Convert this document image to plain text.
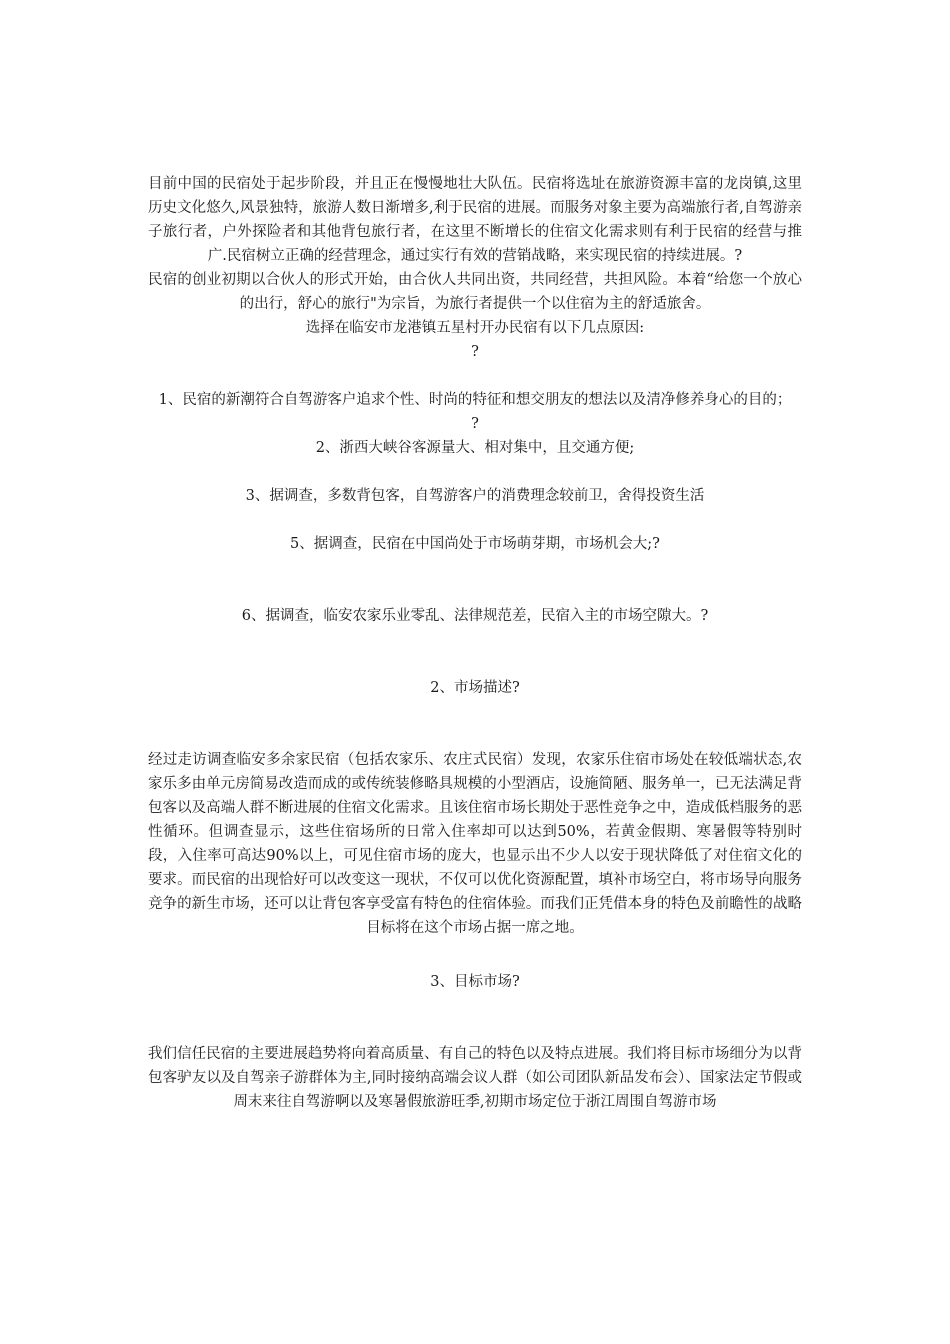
目前中国的民宿处于起步阶段，并且正在慢慢地壮大队伍。民宿将选址在旅游资源丰富的龙岗镇,这里历史文化悠久,风景独特，旅游人数日渐增多,利于民宿的进展。而服务对象主要为高端旅行者,自驾游亲子旅行者，户外探险者和其他背包旅行者，在这里不断增长的住宿文化需求则有利于民宿的经营与推广.民宿树立正确的经营理念，通过实行有效的营销战略，来实现民宿的持续进展。?

民宿的创业初期以合伙人的形式开始，由合伙人共同出资，共同经营，共担风险。本着“给您一个放心的出行，舒心的旅行"为宗旨，为旅行者提供一个以住宿为主的舒适旅舍。

选择在临安市龙港镇五星村开办民宿有以下几点原因:

?

1、民宿的新潮符合自驾游客户追求个性、时尚的特征和想交朋友的想法以及清净修养身心的目的；

?

2、浙西大峡谷客源量大、相对集中，且交通方便;

3、据调查，多数背包客，自驾游客户的消费理念较前卫，舍得投资生活

5、据调查，民宿在中国尚处于市场萌芽期，市场机会大;?

6、据调查，临安农家乐业零乱、法律规范差，民宿入主的市场空隙大。?

2、市场描述?

经过走访调查临安多余家民宿（包括农家乐、农庄式民宿）发现，农家乐住宿市场处在较低端状态,农家乐多由单元房简易改造而成的或传统装修略具规模的小型酒店，设施简陋、服务单一，已无法满足背包客以及高端人群不断进展的住宿文化需求。且该住宿市场长期处于恶性竞争之中，造成低档服务的恶性循环。但调查显示，这些住宿场所的日常入住率却可以达到50%，若黄金假期、寒暑假等特别时段，入住率可高达90%以上，可见住宿市场的庞大，也显示出不少人以安于现状降低了对住宿文化的要求。而民宿的出现恰好可以改变这一现状，不仅可以优化资源配置，填补市场空白，将市场导向服务竞争的新生市场，还可以让背包客享受富有特色的住宿体验。而我们正凭借本身的特色及前瞻性的战略目标将在这个市场占据一席之地。

3、目标市场?

我们信任民宿的主要进展趋势将向着高质量、有自己的特色以及特点进展。我们将目标市场细分为以背包客驴友以及自驾亲子游群体为主,同时接纳高端会议人群（如公司团队新品发布会）、国家法定节假或周末来往自驾游啊以及寒暑假旅游旺季,初期市场定位于浙江周围自驾游市场
